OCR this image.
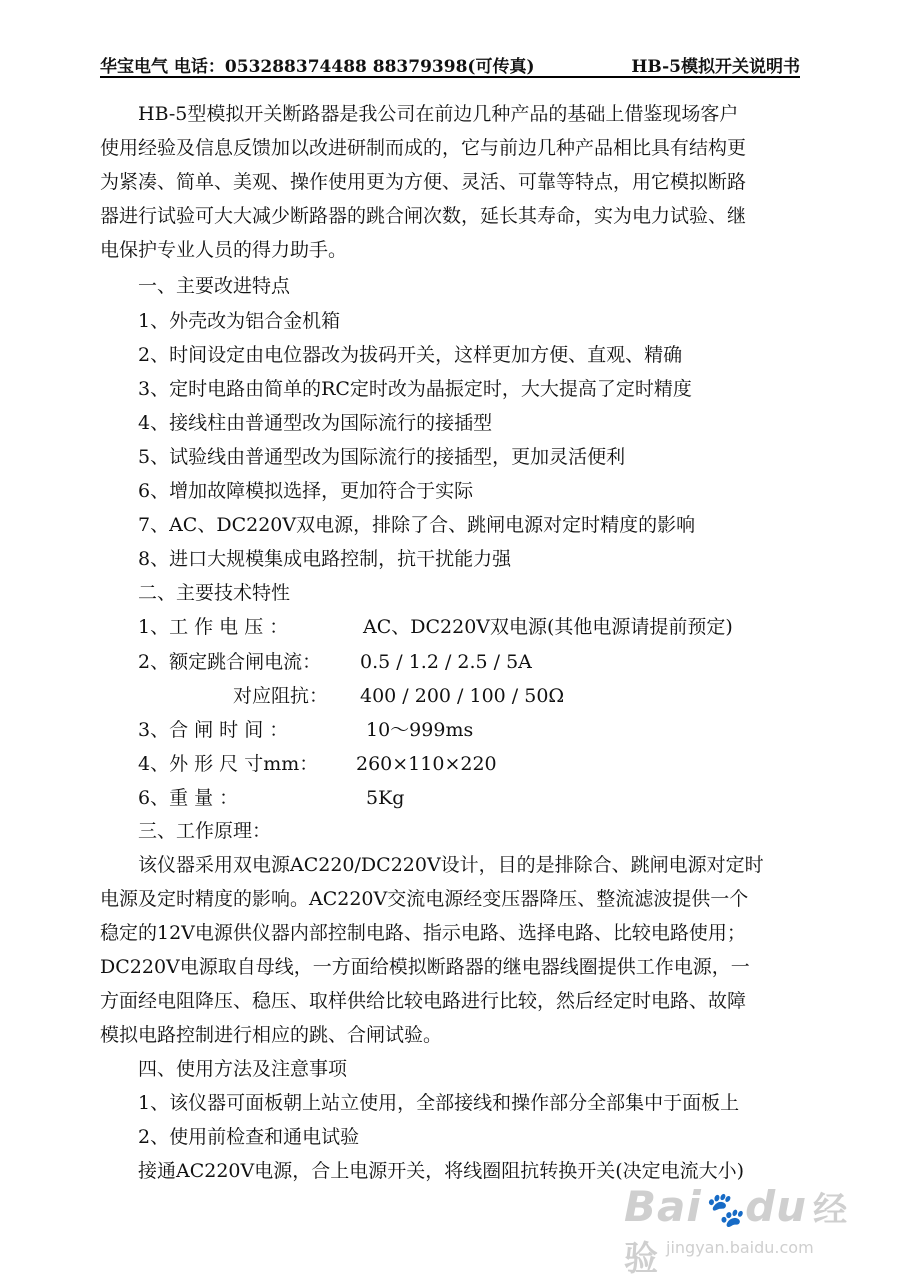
华宝电气 电话：053288374488 88379398(可传真)	HB-5模拟开关说明书
HB-5型模拟开关断路器是我公司在前边几种产品的基础上借鉴现场客户
使用经验及信息反馈加以改进研制而成的，它与前边几种产品相比具有结构更
为紧凑、简单、美观、操作使用更为方便、灵活、可靠等特点，用它模拟断路
器进行试验可大大减少断路器的跳合闸次数，延长其寿命，实为电力试验、继
电保护专业人员的得力助手。
一、主要改进特点
1、外壳改为铝合金机箱
2、时间设定由电位器改为拔码开关，这样更加方便、直观、精确
3、定时电路由简单的RC定时改为晶振定时，大大提高了定时精度
4、接线柱由普通型改为国际流行的接插型
5、试验线由普通型改为国际流行的接插型，更加灵活便利
6、增加故障模拟选择，更加符合于实际
7、AC、DC220V双电源，排除了合、跳闸电源对定时精度的影响
8、进口大规模集成电路控制，抗干扰能力强
二、主要技术特性
1、工 作 电 压 ：	AC、DC220V双电源(其他电源请提前预定)
2、额定跳合闸电流： 0.5 / 1.2 / 2.5 / 5A
对应阻抗： 400 / 200 / 100 / 50Ω
3、合 闸 时 间 ：	10～999ms
4、外 形 尺 寸mm： 260×110×220
6、重 量 ：	5Kg
三、工作原理：
该仪器采用双电源AC220/DC220V设计，目的是排除合、跳闸电源对定时
电源及定时精度的影响。AC220V交流电源经变压器降压、整流滤波提供一个
稳定的12V电源供仪器内部控制电路、指示电路、选择电路、比较电路使用；
DC220V电源取自母线，一方面给模拟断路器的继电器线圈提供工作电源，一
方面经电阻降压、稳压、取样供给比较电路进行比较，然后经定时电路、故障
模拟电路控制进行相应的跳、合闸试验。
四、使用方法及注意事项
1、该仪器可面板朝上站立使用，全部接线和操作部分全部集中于面板上
2、使用前检查和通电试验
接通AC220V电源，合上电源开关，将线圈阻抗转换开关(决定电流大小)
Bai🐾du 经验 jingyan.baidu.com
